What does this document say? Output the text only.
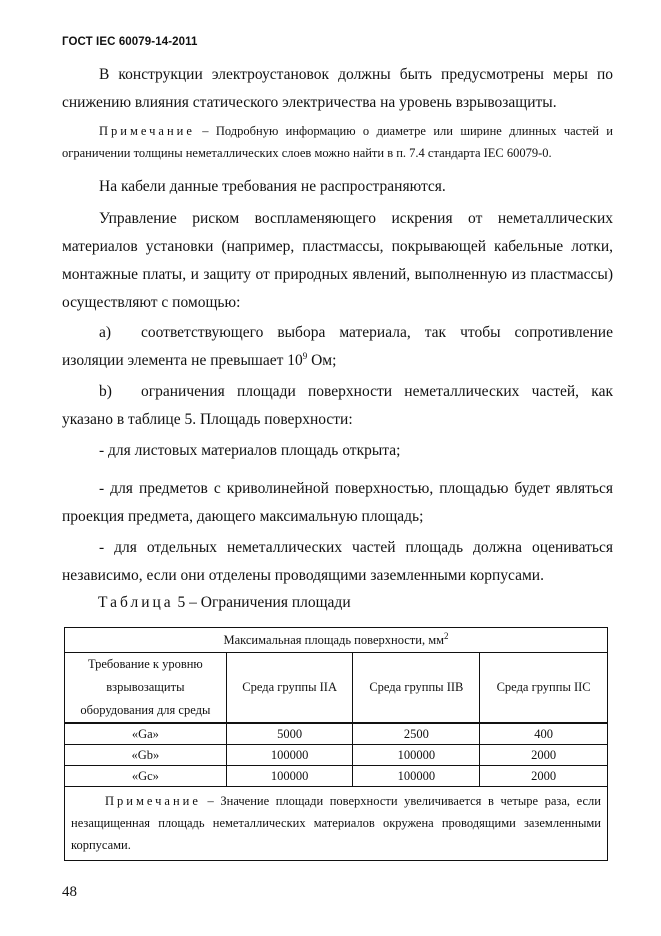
ГОСТ IEC 60079-14-2011

В конструкции электроустановок должны быть предусмотрены меры по снижению влияния статического электричества на уровень взрывозащиты.

Примечание – Подробную информацию о диаметре или ширине длинных частей и ограничении толщины неметаллических слоев можно найти в п. 7.4 стандарта IEC 60079-0.

На кабели данные требования не распространяются.

Управление риском воспламеняющего искрения от неметаллических материалов установки (например, пластмассы, покрывающей кабельные лотки, монтажные платы, и защиту от природных явлений, выполненную из пластмассы) осуществляют с помощью:

a) соответствующего выбора материала, так чтобы сопротивление изоляции элемента не превышает $10^9$ Ом;

b) ограничения площади поверхности неметаллических частей, как указано в таблице 5. Площадь поверхности:

- для листовых материалов площадь открыта;

- для предметов с криволинейной поверхностью, площадью будет являться проекция предмета, дающего максимальную площадь;

- для отдельных неметаллических частей площадь должна оцениваться независимо, если они отделены проводящими заземленными корпусами.

Таблица 5 – Ограничения площади
Максимальная площадь поверхности, $мм^2$
Требование к уровню взрывозащиты оборудования для среды	Среда группы IIA	Среда группы IIB	Среда группы IIC
«Ga»	5000	2500	400
«Gb»	100000	100000	2000
«Gc»	100000	100000	2000

Примечание – Значение площади поверхности увеличивается в четыре раза, если незащищенная площадь неметаллических материалов окружена проводящими заземленными корпусами.			
48
